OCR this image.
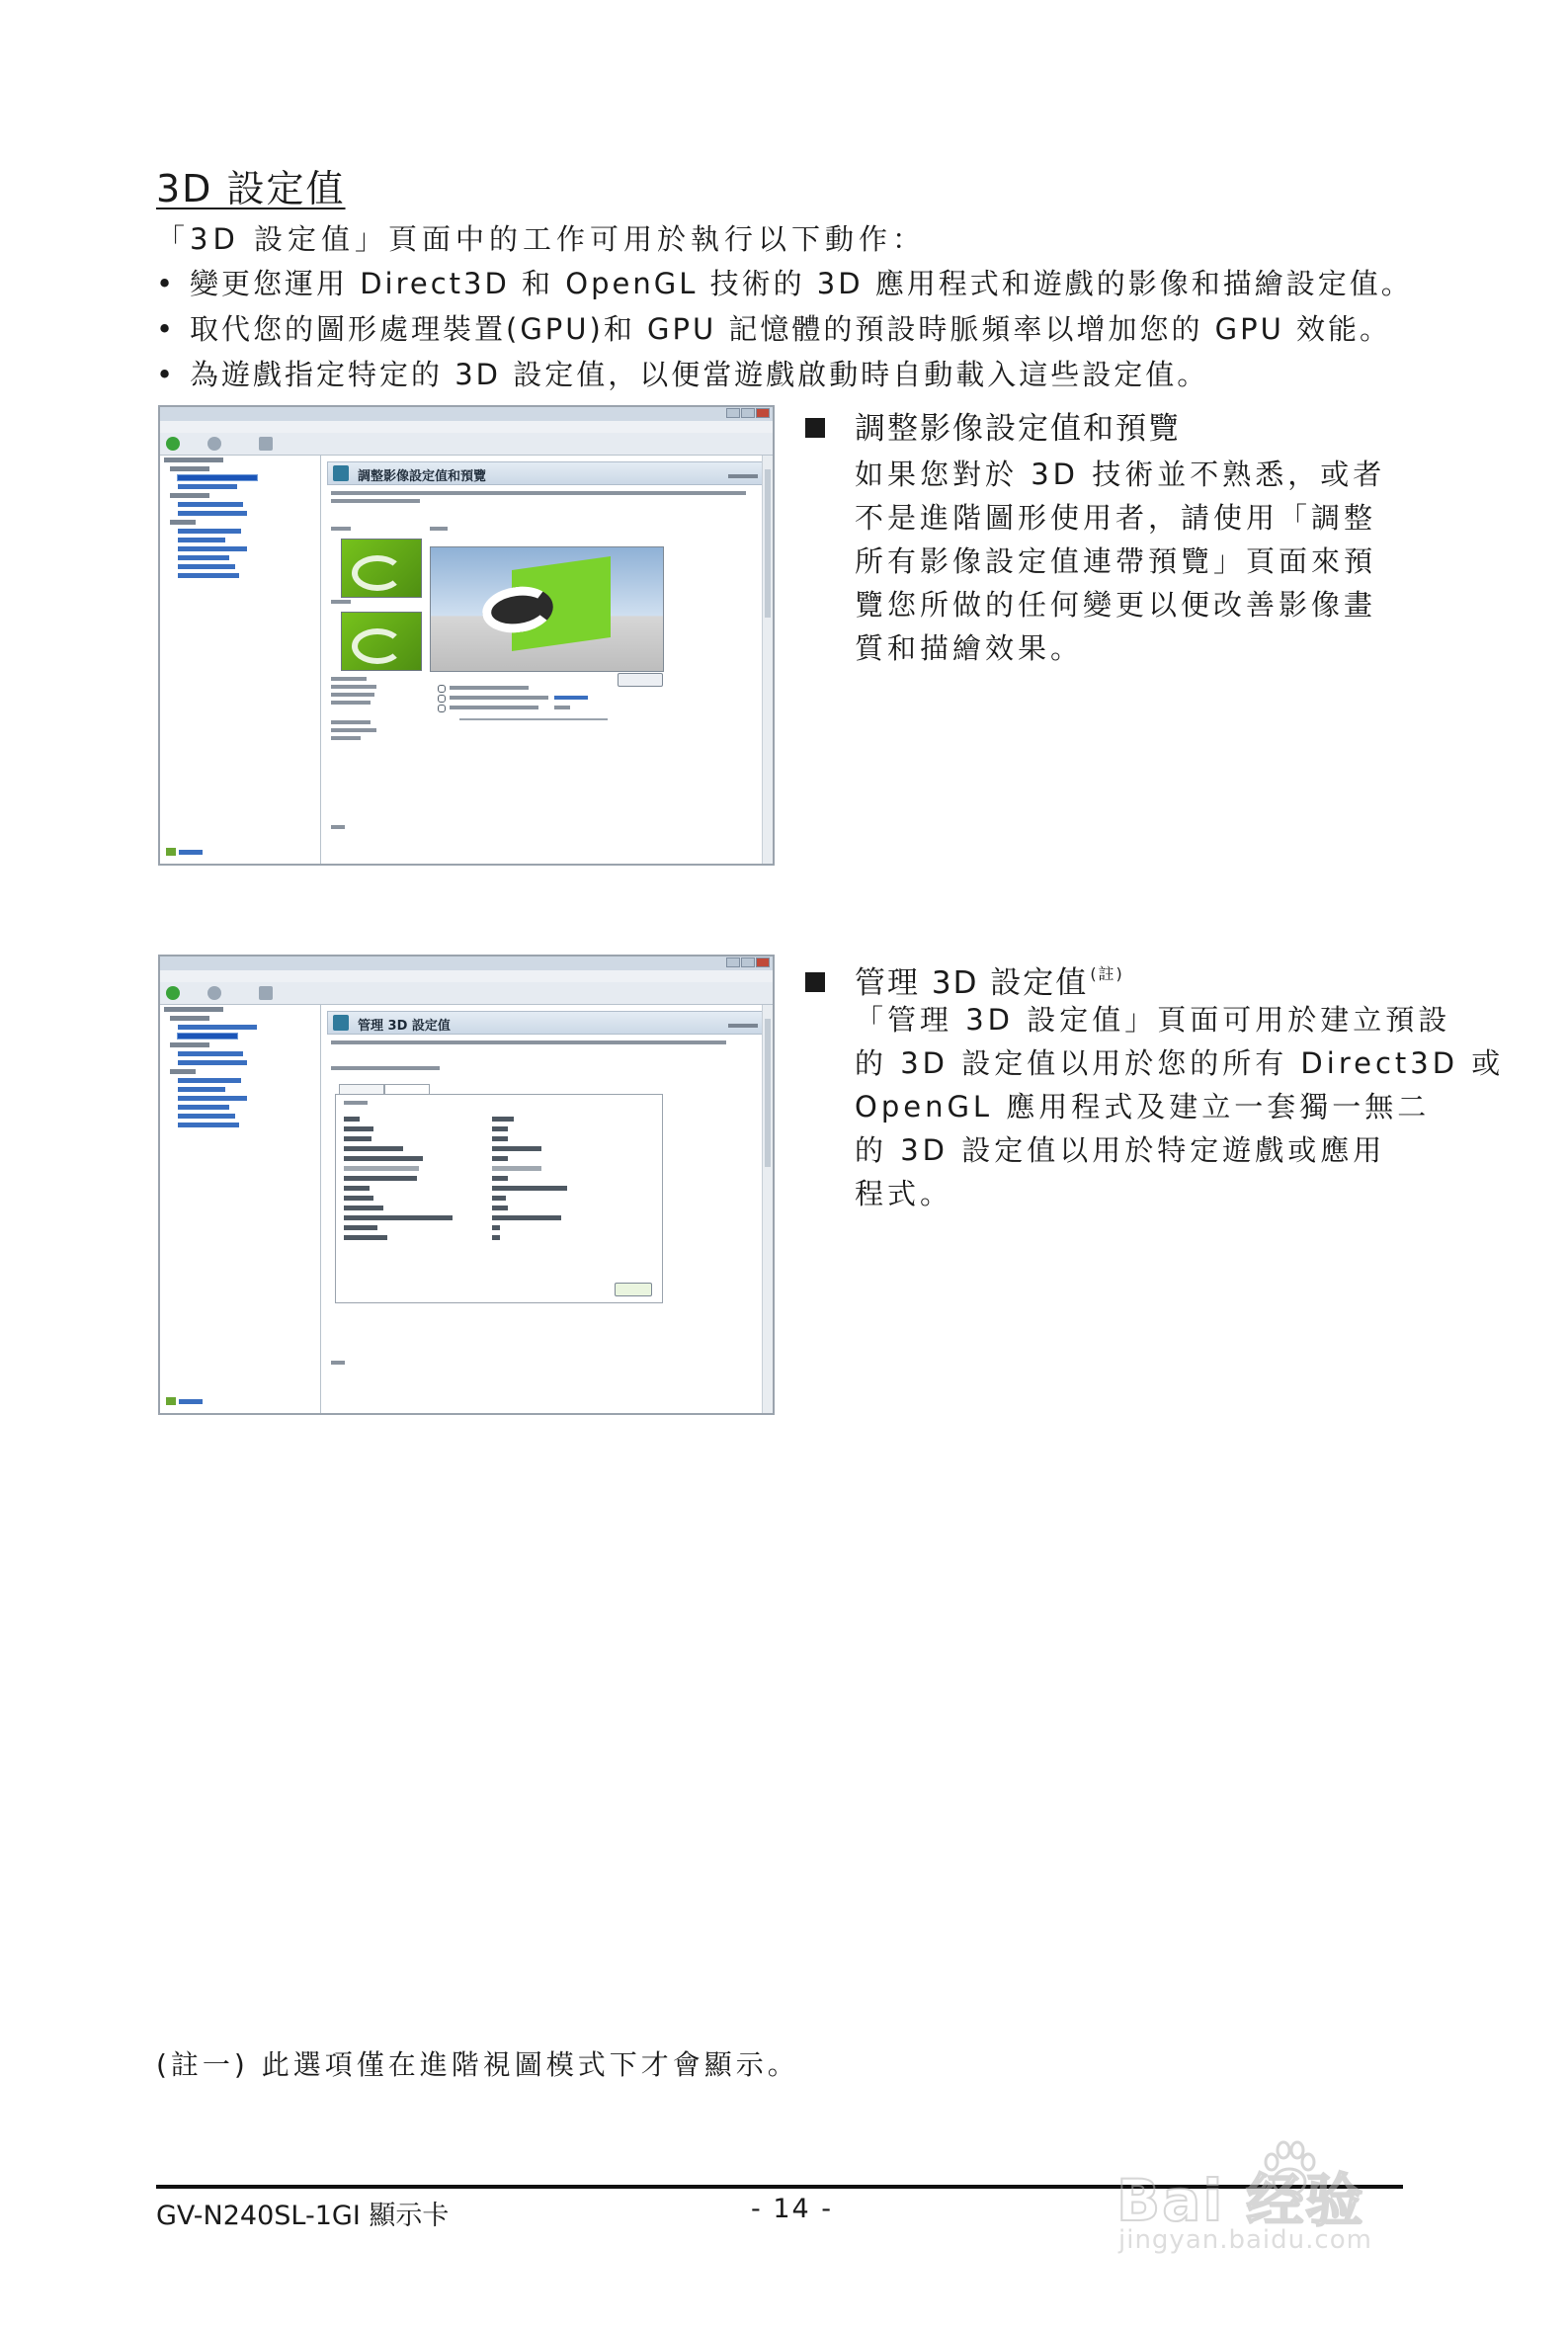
3D 設定值
「3D 設定值」頁面中的工作可用於執行以下動作：
• 變更您運用 Direct3D 和 OpenGL 技術的 3D 應用程式和遊戲的影像和描繪設定值。
• 取代您的圖形處理裝置(GPU)和 GPU 記憶體的預設時脈頻率以增加您的 GPU 效能。
• 為遊戲指定特定的 3D 設定值，以便當遊戲啟動時自動載入這些設定值。
調整影像設定值和預覽
管理 3D 設定值
調整影像設定值和預覽
如果您對於 3D 技術並不熟悉，或者
不是進階圖形使用者，請使用「調整
所有影像設定值連帶預覽」頁面來預
覽您所做的任何變更以便改善影像畫
質和描繪效果。
管理 3D 設定值 $^{(註)}$
「管理 3D 設定值」頁面可用於建立預設
的 3D 設定值以用於您的所有 Direct3D 或
OpenGL 應用程式及建立一套獨一無二
的 3D 設定值以用於特定遊戲或應用
程式。
(註一) 此選項僅在進階視圖模式下才會顯示。
GV-N240SL-1GI 顯示卡	- 14 -	Bai 经验
jingyan.baidu.com
